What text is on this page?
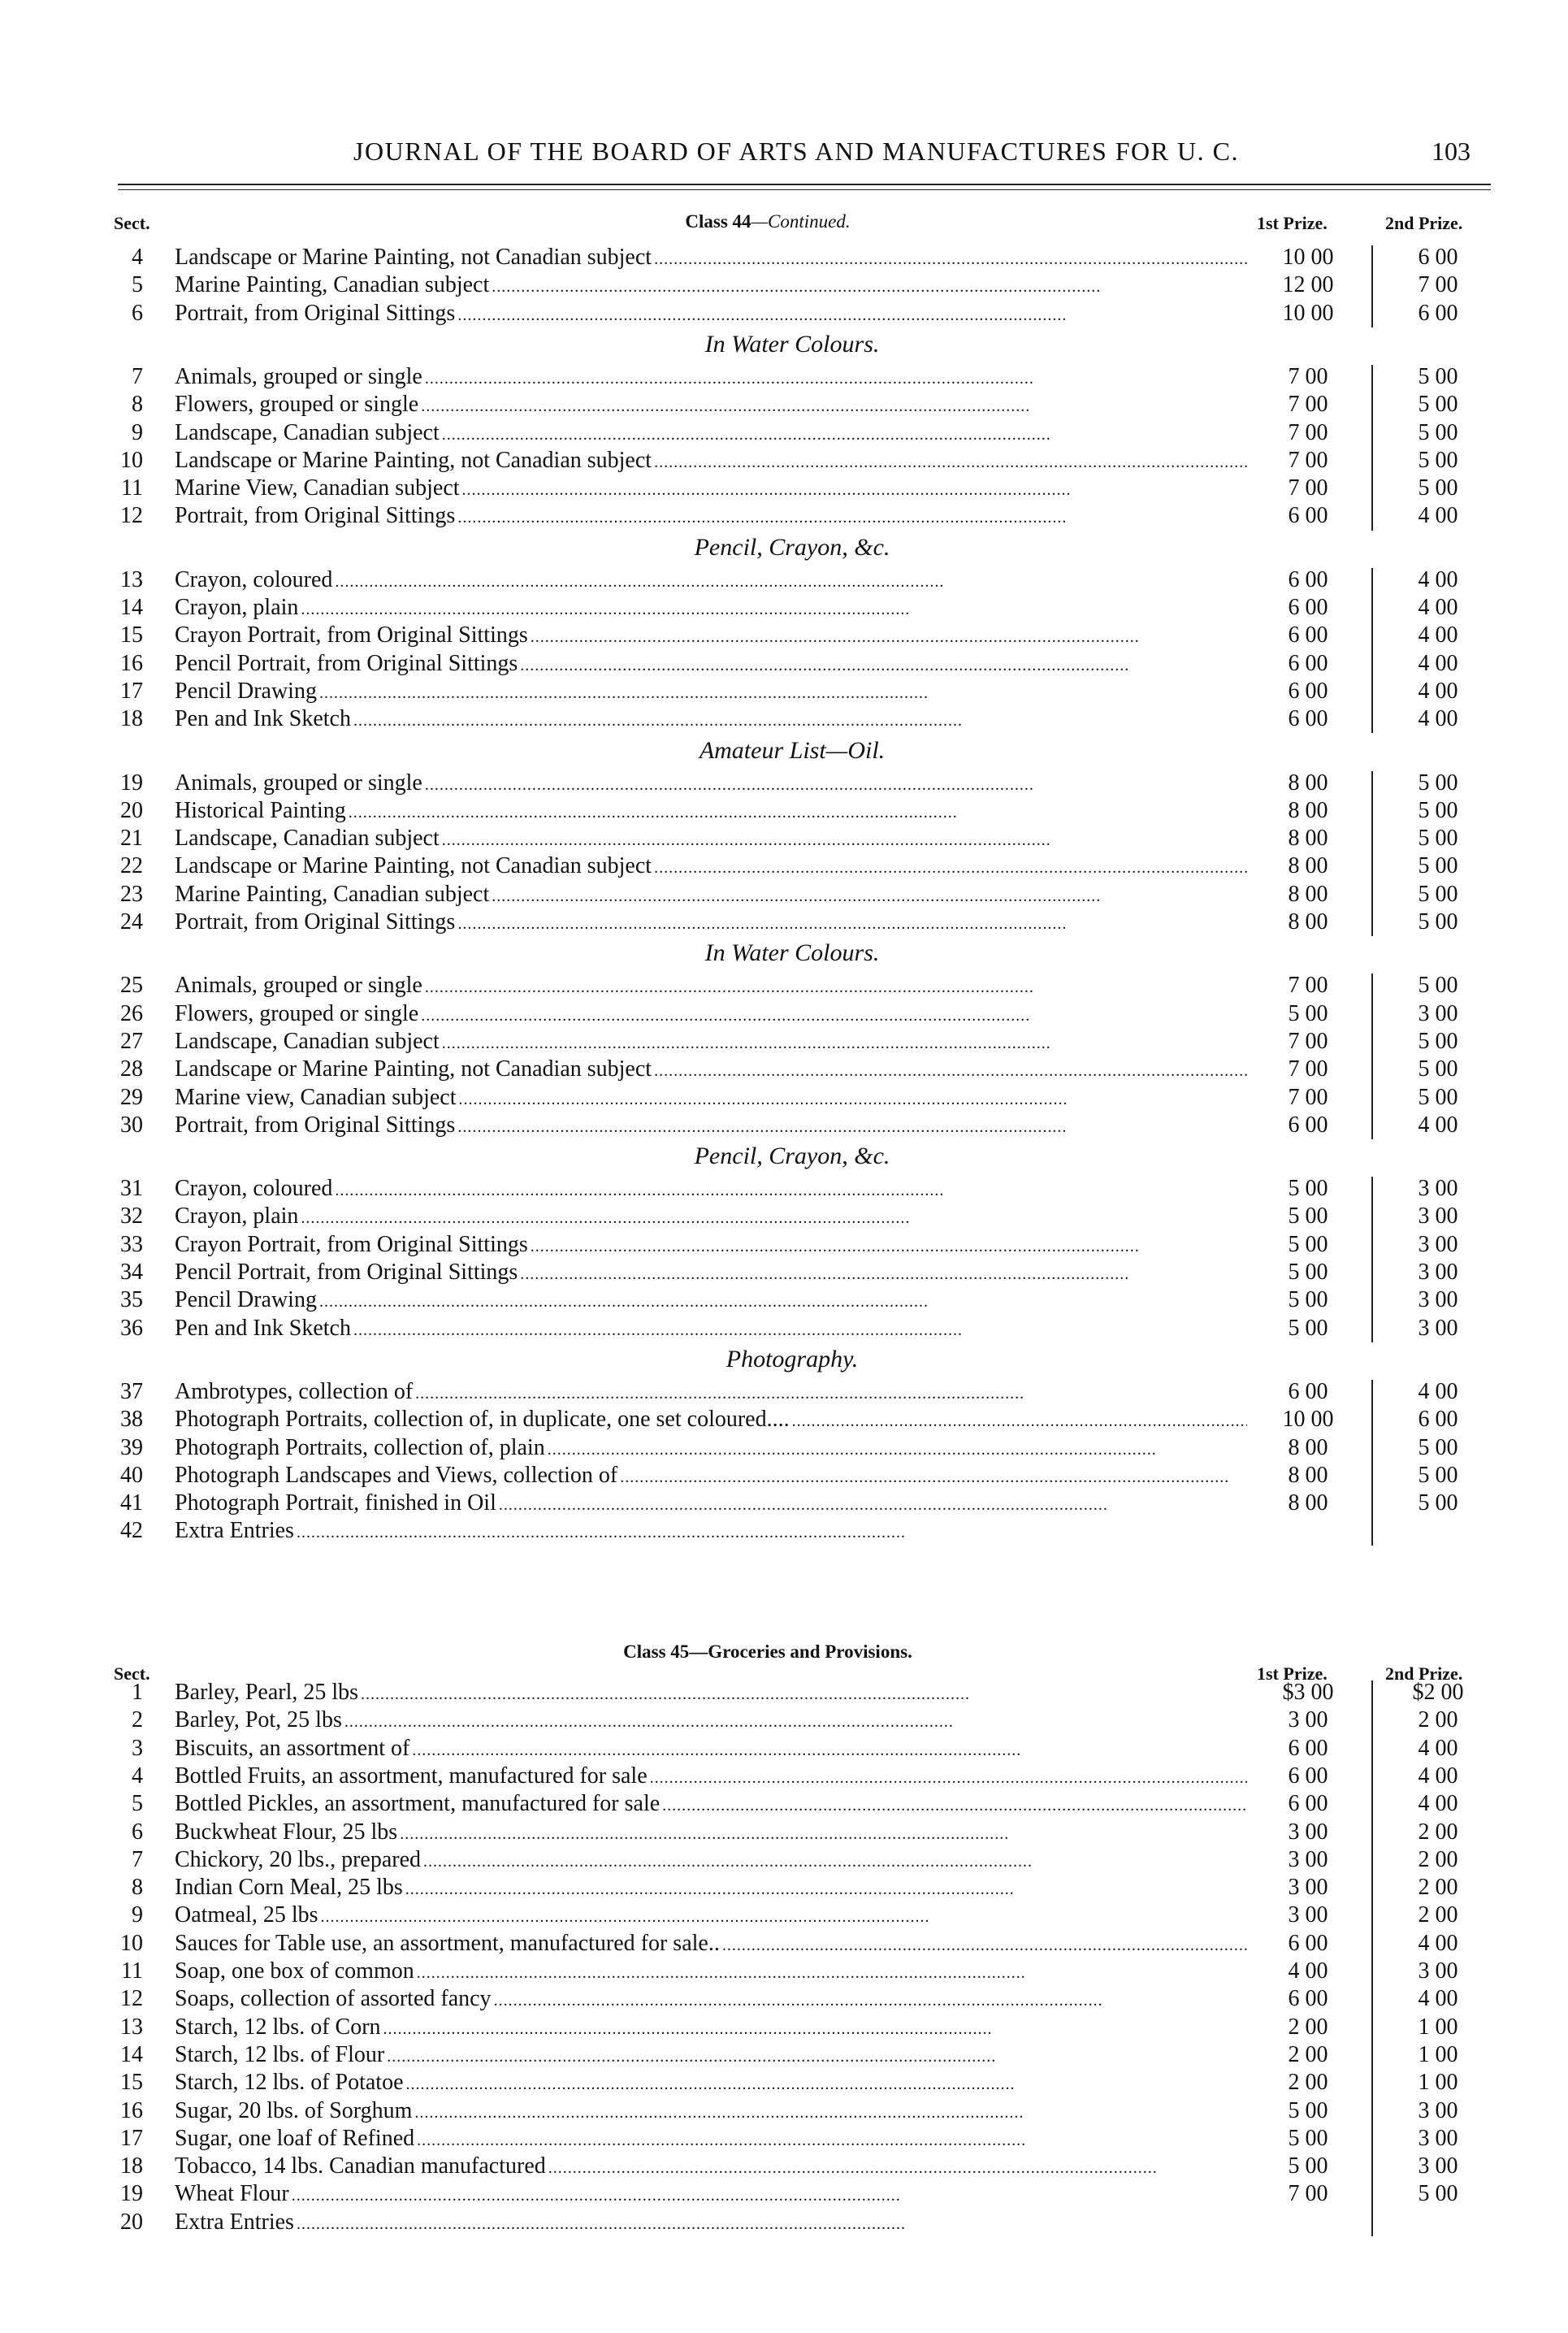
JOURNAL OF THE BOARD OF ARTS AND MANUFACTURES FOR U. C.	103
Sect.	Class 44—Continued.	1st Prize.	2nd Prize.
4 Landscape or Marine Painting, not Canadian subject . . .	10 00	6 00
5 Marine Painting, Canadian subject . . .	12 00	7 00
6 Portrait, from Original Sittings . . .	10 00	6 00
In Water Colours.
7 Animals, grouped or single . . .	7 00	5 00
8 Flowers, grouped or single . . .	7 00	5 00
9 Landscape, Canadian subject . . .	7 00	5 00
10 Landscape or Marine Painting, not Canadian subject . . .	7 00	5 00
11 Marine View, Canadian subject . . .	7 00	5 00
12 Portrait, from Original Sittings . . .	6 00	4 00
Pencil, Crayon, &c.
13 Crayon, coloured . . .	6 00	4 00
14 Crayon, plain . . .	6 00	4 00
15 Crayon Portrait, from Original Sittings . . .	6 00	4 00
16 Pencil Portrait, from Original Sittings . . .	6 00	4 00
17 Pencil Drawing . . .	6 00	4 00
18 Pen and Ink Sketch . . .	6 00	4 00
Amateur List—Oil.
19 Animals, grouped or single . . .	8 00	5 00
20 Historical Painting . . .	8 00	5 00
21 Landscape, Canadian subject . . .	8 00	5 00
22 Landscape or Marine Painting, not Canadian subject . . .	8 00	5 00
23 Marine Painting, Canadian subject . . .	8 00	5 00
24 Portrait, from Original Sittings . . .	8 00	5 00
In Water Colours.
25 Animals, grouped or single . . .	7 00	5 00
26 Flowers, grouped or single . . .	5 00	3 00
27 Landscape, Canadian subject . . .	7 00	5 00
28 Landscape or Marine Painting, not Canadian subject . . .	7 00	5 00
29 Marine view, Canadian subject . . .	7 00	5 00
30 Portrait, from Original Sittings . . .	6 00	4 00
Pencil, Crayon, &c.
31 Crayon, coloured . . .	5 00	3 00
32 Crayon, plain . . .	5 00	3 00
33 Crayon Portrait, from Original Sittings . . .	5 00	3 00
34 Pencil Portrait, from Original Sittings . . .	5 00	3 00
35 Pencil Drawing . . .	5 00	3 00
36 Pen and Ink Sketch . . .	5 00	3 00
Photography.
37 Ambrotypes, collection of . . .	6 00	4 00
38 Photograph Portraits, collection of, in duplicate, one set coloured.... . . .	10 00	6 00
39 Photograph Portraits, collection of, plain . . .	8 00	5 00
40 Photograph Landscapes and Views, collection of . . .	8 00	5 00
41 Photograph Portrait, finished in Oil . . .	8 00	5 00
42 Extra Entries . . .
Class 45—Groceries and Provisions.
Sect.	1st Prize.	2nd Prize.
1 Barley, Pearl, 25 lbs . . .	$3 00	$2 00
2 Barley, Pot, 25 lbs . . .	3 00	2 00
3 Biscuits, an assortment of . . .	6 00	4 00
4 Bottled Fruits, an assortment, manufactured for sale . . .	6 00	4 00
5 Bottled Pickles, an assortment, manufactured for sale . . .	6 00	4 00
6 Buckwheat Flour, 25 lbs . . .	3 00	2 00
7 Chickory, 20 lbs., prepared . . .	3 00	2 00
8 Indian Corn Meal, 25 lbs . . .	3 00	2 00
9 Oatmeal, 25 lbs . . .	3 00	2 00
10 Sauces for Table use, an assortment, manufactured for sale.. . . .	6 00	4 00
11 Soap, one box of common . . .	4 00	3 00
12 Soaps, collection of assorted fancy . . .	6 00	4 00
13 Starch, 12 lbs. of Corn . . .	2 00	1 00
14 Starch, 12 lbs. of Flour . . .	2 00	1 00
15 Starch, 12 lbs. of Potatoe . . .	2 00	1 00
16 Sugar, 20 lbs. of Sorghum . . .	5 00	3 00
17 Sugar, one loaf of Refined . . .	5 00	3 00
18 Tobacco, 14 lbs. Canadian manufactured . . .	5 00	3 00
19 Wheat Flour . . .	7 00	5 00
20 Extra Entries . . .
